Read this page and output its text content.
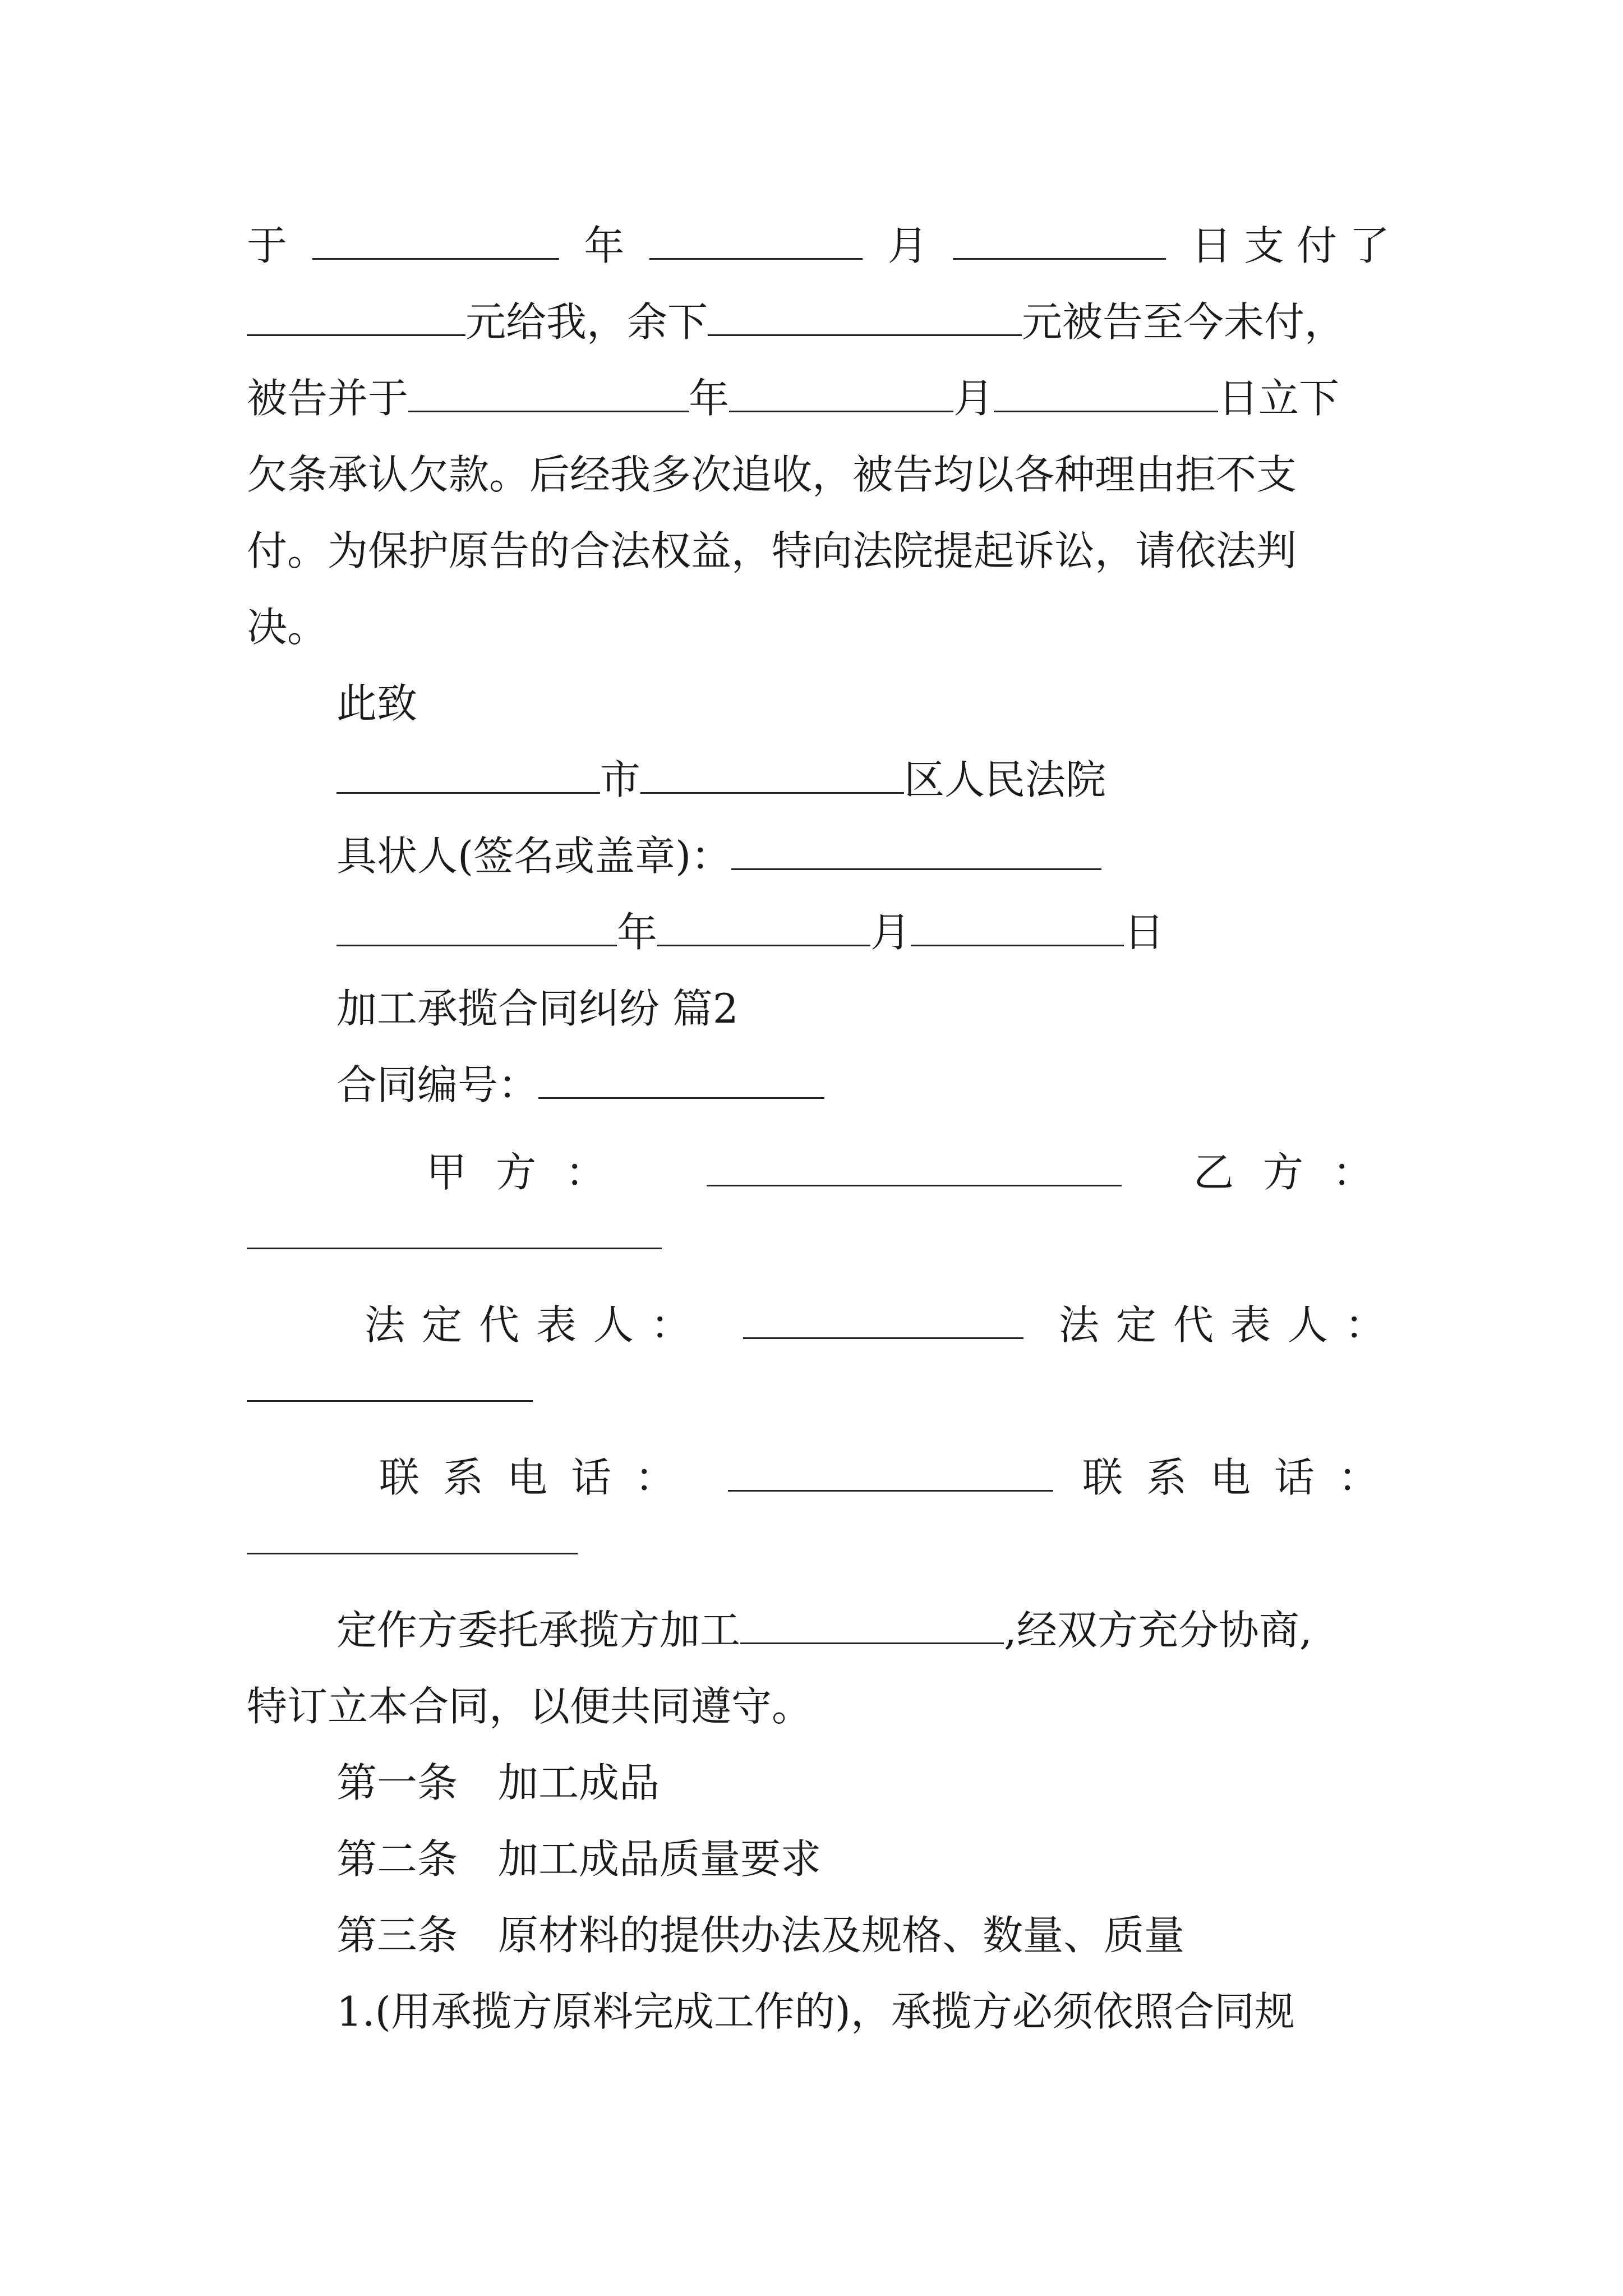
于	年	月	日支付了
元给我，余下	元被告至今未付，
被告并于	年	月	日立下
欠条承认欠款。后经我多次追收，被告均以各种理由拒不支
付。为保护原告的合法权益，特向法院提起诉讼，请依法判
决。
此致
市	区人民法院
具状人(签名或盖章)：
年	月	日
加工承揽合同纠纷 篇2
合同编号：
甲方：	乙方：
法定代表人：	法定代表人：
联系电话：	联系电话：
定作方委托承揽方加工	,经双方充分协商,
特订立本合同，以便共同遵守。
第一条　加工成品
第二条　加工成品质量要求
第三条　原材料的提供办法及规格、数量、质量
1.(用承揽方原料完成工作的)，承揽方必须依照合同规
